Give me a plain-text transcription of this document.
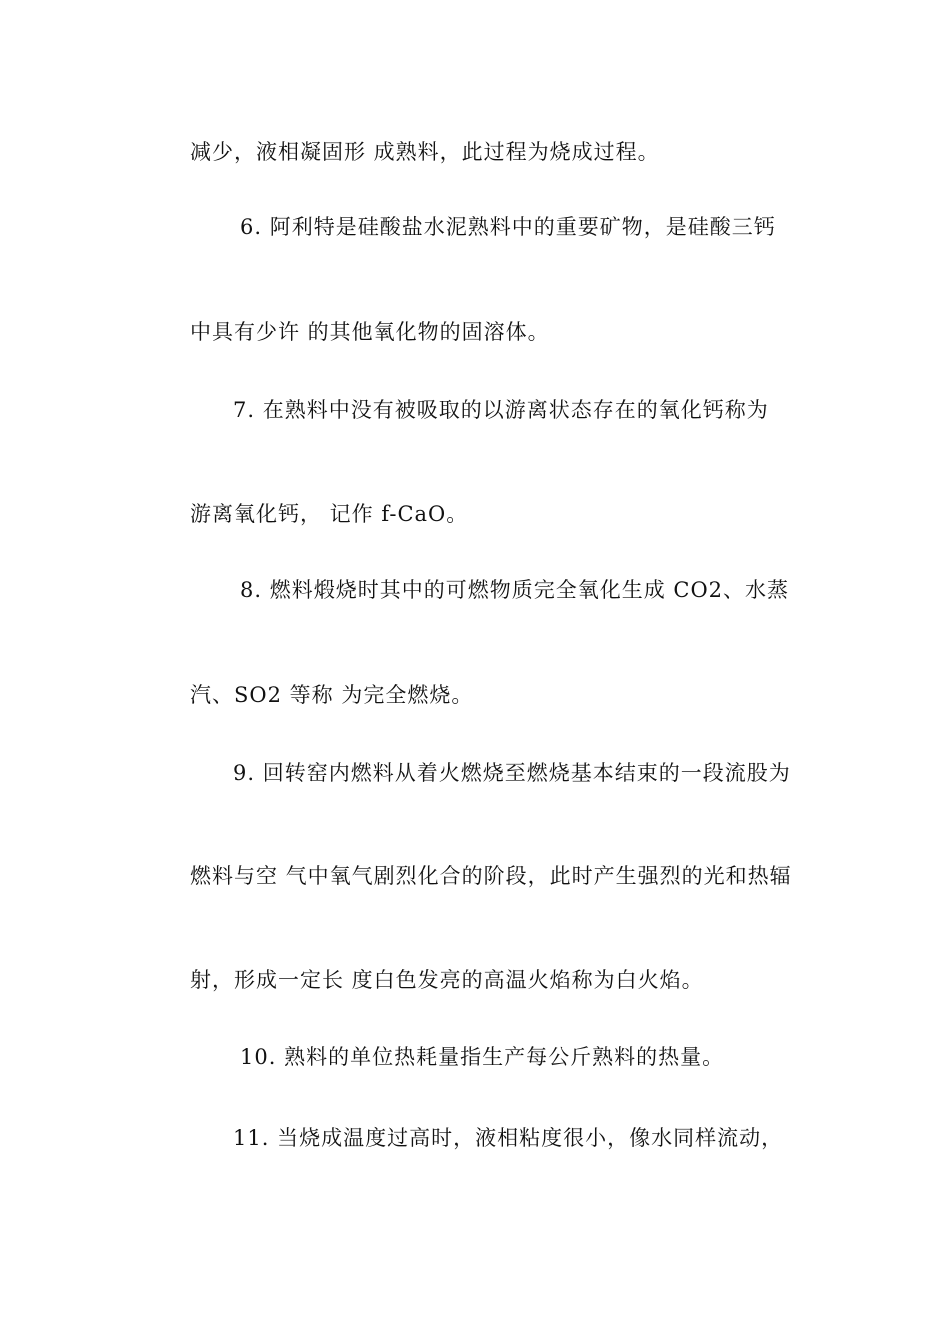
减少，液相凝固形 成熟料，此过程为烧成过程。
6. 阿利特是硅酸盐水泥熟料中的重要矿物，是硅酸三钙
中具有少许 的其他氧化物的固溶体。
7. 在熟料中没有被吸取的以游离状态存在的氧化钙称为
游离氧化钙， 记作 f-CaO。
8. 燃料煅烧时其中的可燃物质完全氧化生成 CO2、水蒸
汽、SO2 等称 为完全燃烧。
9. 回转窑内燃料从着火燃烧至燃烧基本结束的一段流股为
燃料与空 气中氧气剧烈化合的阶段，此时产生强烈的光和热辐
射，形成一定长 度白色发亮的高温火焰称为白火焰。
10. 熟料的单位热耗量指生产每公斤熟料的热量。
11. 当烧成温度过高时，液相粘度很小，像水同样流动，
